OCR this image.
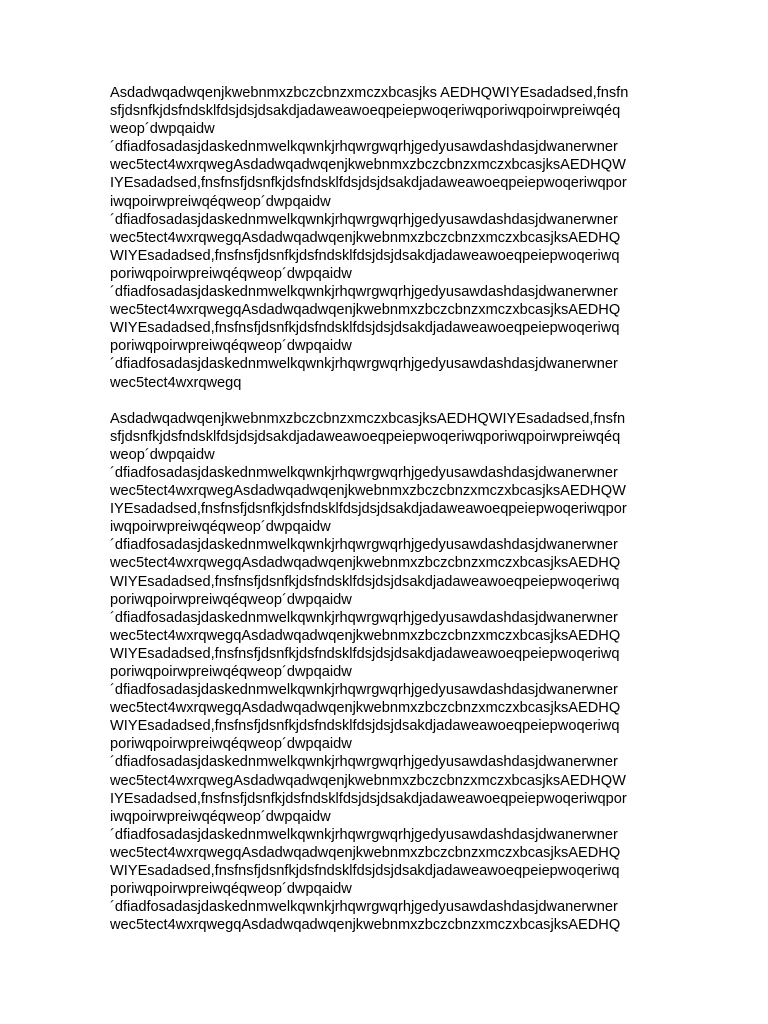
Asdadwqadwqenjkwebnmxzbczcbnzxmczxbcasjks AEDHQWIYEsadadsed,fnsfn
sfjdsnfkjdsfndsklfdsjdsjdsakdjadaweawoeqpeiepwoqeriwqporiwqpoirwpreiwqéq
weop´dwpqaidw
´dfiadfosadasjdaskednmwelkqwnkjrhqwrgwqrhjgedyusawdashdasjdwanerwner
wec5tect4wxrqwegAsdadwqadwqenjkwebnmxzbczcbnzxmczxbcasjksAEDHQW
IYEsadadsed,fnsfnsfjdsnfkjdsfndsklfdsjdsjdsakdjadaweawoeqpeiepwoqeriwqpor
iwqpoirwpreiwqéqweop´dwpqaidw
´dfiadfosadasjdaskednmwelkqwnkjrhqwrgwqrhjgedyusawdashdasjdwanerwner
wec5tect4wxrqwegqAsdadwqadwqenjkwebnmxzbczcbnzxmczxbcasjksAEDHQ
WIYEsadadsed,fnsfnsfjdsnfkjdsfndsklfdsjdsjdsakdjadaweawoeqpeiepwoqeriwq
poriwqpoirwpreiwqéqweop´dwpqaidw
´dfiadfosadasjdaskednmwelkqwnkjrhqwrgwqrhjgedyusawdashdasjdwanerwner
wec5tect4wxrqwegqAsdadwqadwqenjkwebnmxzbczcbnzxmczxbcasjksAEDHQ
WIYEsadadsed,fnsfnsfjdsnfkjdsfndsklfdsjdsjdsakdjadaweawoeqpeiepwoqeriwq
poriwqpoirwpreiwqéqweop´dwpqaidw
´dfiadfosadasjdaskednmwelkqwnkjrhqwrgwqrhjgedyusawdashdasjdwanerwner
wec5tect4wxrqwegq

AsdadwqadwqenjkwebnmxzbczcbnzxmczxbcasjksAEDHQWIYEsadadsed,fnsfn
sfjdsnfkjdsfndsklfdsjdsjdsakdjadaweawoeqpeiepwoqeriwqporiwqpoirwpreiwqéq
weop´dwpqaidw
´dfiadfosadasjdaskednmwelkqwnkjrhqwrgwqrhjgedyusawdashdasjdwanerwner
wec5tect4wxrqwegAsdadwqadwqenjkwebnmxzbczcbnzxmczxbcasjksAEDHQW
IYEsadadsed,fnsfnsfjdsnfkjdsfndsklfdsjdsjdsakdjadaweawoeqpeiepwoqeriwqpor
iwqpoirwpreiwqéqweop´dwpqaidw
´dfiadfosadasjdaskednmwelkqwnkjrhqwrgwqrhjgedyusawdashdasjdwanerwner
wec5tect4wxrqwegqAsdadwqadwqenjkwebnmxzbczcbnzxmczxbcasjksAEDHQ
WIYEsadadsed,fnsfnsfjdsnfkjdsfndsklfdsjdsjdsakdjadaweawoeqpeiepwoqeriwq
poriwqpoirwpreiwqéqweop´dwpqaidw
´dfiadfosadasjdaskednmwelkqwnkjrhqwrgwqrhjgedyusawdashdasjdwanerwner
wec5tect4wxrqwegqAsdadwqadwqenjkwebnmxzbczcbnzxmczxbcasjksAEDHQ
WIYEsadadsed,fnsfnsfjdsnfkjdsfndsklfdsjdsjdsakdjadaweawoeqpeiepwoqeriwq
poriwqpoirwpreiwqéqweop´dwpqaidw
´dfiadfosadasjdaskednmwelkqwnkjrhqwrgwqrhjgedyusawdashdasjdwanerwner
wec5tect4wxrqwegqAsdadwqadwqenjkwebnmxzbczcbnzxmczxbcasjksAEDHQ
WIYEsadadsed,fnsfnsfjdsnfkjdsfndsklfdsjdsjdsakdjadaweawoeqpeiepwoqeriwq
poriwqpoirwpreiwqéqweop´dwpqaidw
´dfiadfosadasjdaskednmwelkqwnkjrhqwrgwqrhjgedyusawdashdasjdwanerwner
wec5tect4wxrqwegAsdadwqadwqenjkwebnmxzbczcbnzxmczxbcasjksAEDHQW
IYEsadadsed,fnsfnsfjdsnfkjdsfndsklfdsjdsjdsakdjadaweawoeqpeiepwoqeriwqpor
iwqpoirwpreiwqéqweop´dwpqaidw
´dfiadfosadasjdaskednmwelkqwnkjrhqwrgwqrhjgedyusawdashdasjdwanerwner
wec5tect4wxrqwegqAsdadwqadwqenjkwebnmxzbczcbnzxmczxbcasjksAEDHQ
WIYEsadadsed,fnsfnsfjdsnfkjdsfndsklfdsjdsjdsakdjadaweawoeqpeiepwoqeriwq
poriwqpoirwpreiwqéqweop´dwpqaidw
´dfiadfosadasjdaskednmwelkqwnkjrhqwrgwqrhjgedyusawdashdasjdwanerwner
wec5tect4wxrqwegqAsdadwqadwqenjkwebnmxzbczcbnzxmczxbcasjksAEDHQ
